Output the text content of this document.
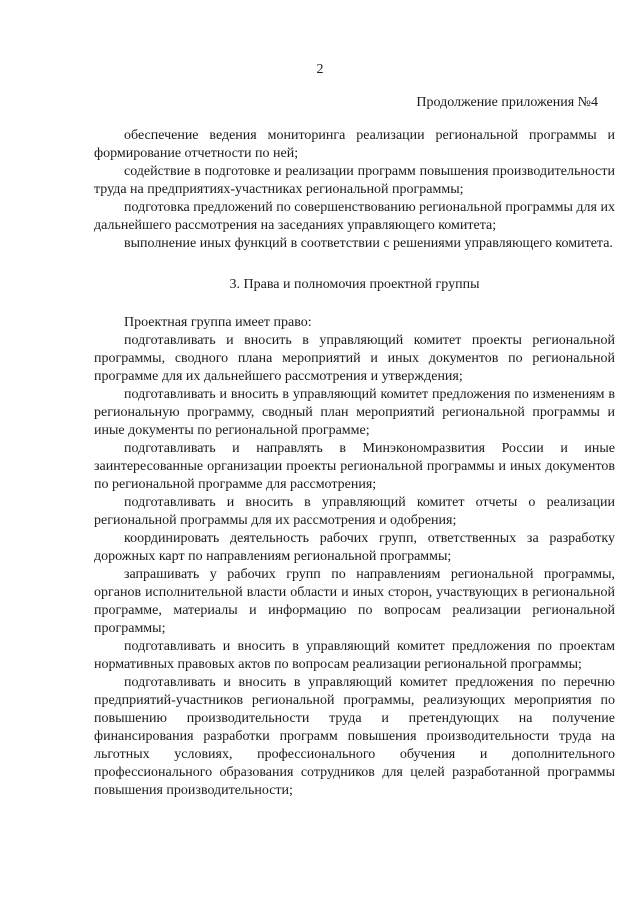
2
Продолжение приложения №4

обеспечение ведения мониторинга реализации региональной программы и формирование отчетности по ней;

содействие в подготовке и реализации программ повышения производительности труда на предприятиях-участниках региональной программы;

подготовка предложений по совершенствованию региональной программы для их дальнейшего рассмотрения на заседаниях управляющего комитета;

выполнение иных функций в соответствии с решениями управляющего комитета.

3. Права и полномочия проектной группы

Проектная группа имеет право:

подготавливать и вносить в управляющий комитет проекты региональной программы, сводного плана мероприятий и иных документов по региональной программе для их дальнейшего рассмотрения и утверждения;

подготавливать и вносить в управляющий комитет предложения по изменениям в региональную программу, сводный план мероприятий региональной программы и иные документы по региональной программе;

подготавливать и направлять в Минэкономразвития России и иные заинтересованные организации проекты региональной программы и иных документов по региональной программе для рассмотрения;

подготавливать и вносить в управляющий комитет отчеты о реализации региональной программы для их рассмотрения и одобрения;

координировать деятельность рабочих групп, ответственных за разработку дорожных карт по направлениям региональной программы;

запрашивать у рабочих групп по направлениям региональной программы, органов исполнительной власти области и иных сторон, участвующих в региональной программе, материалы и информацию по вопросам реализации региональной программы;

подготавливать и вносить в управляющий комитет предложения по проектам нормативных правовых актов по вопросам реализации региональной программы;

подготавливать и вносить в управляющий комитет предложения по перечню предприятий-участников региональной программы, реализующих мероприятия по повышению производительности труда и претендующих на получение финансирования разработки программ повышения производительности труда на льготных условиях, профессионального обучения и дополнительного профессионального образования сотрудников для целей разработанной программы повышения производительности;
